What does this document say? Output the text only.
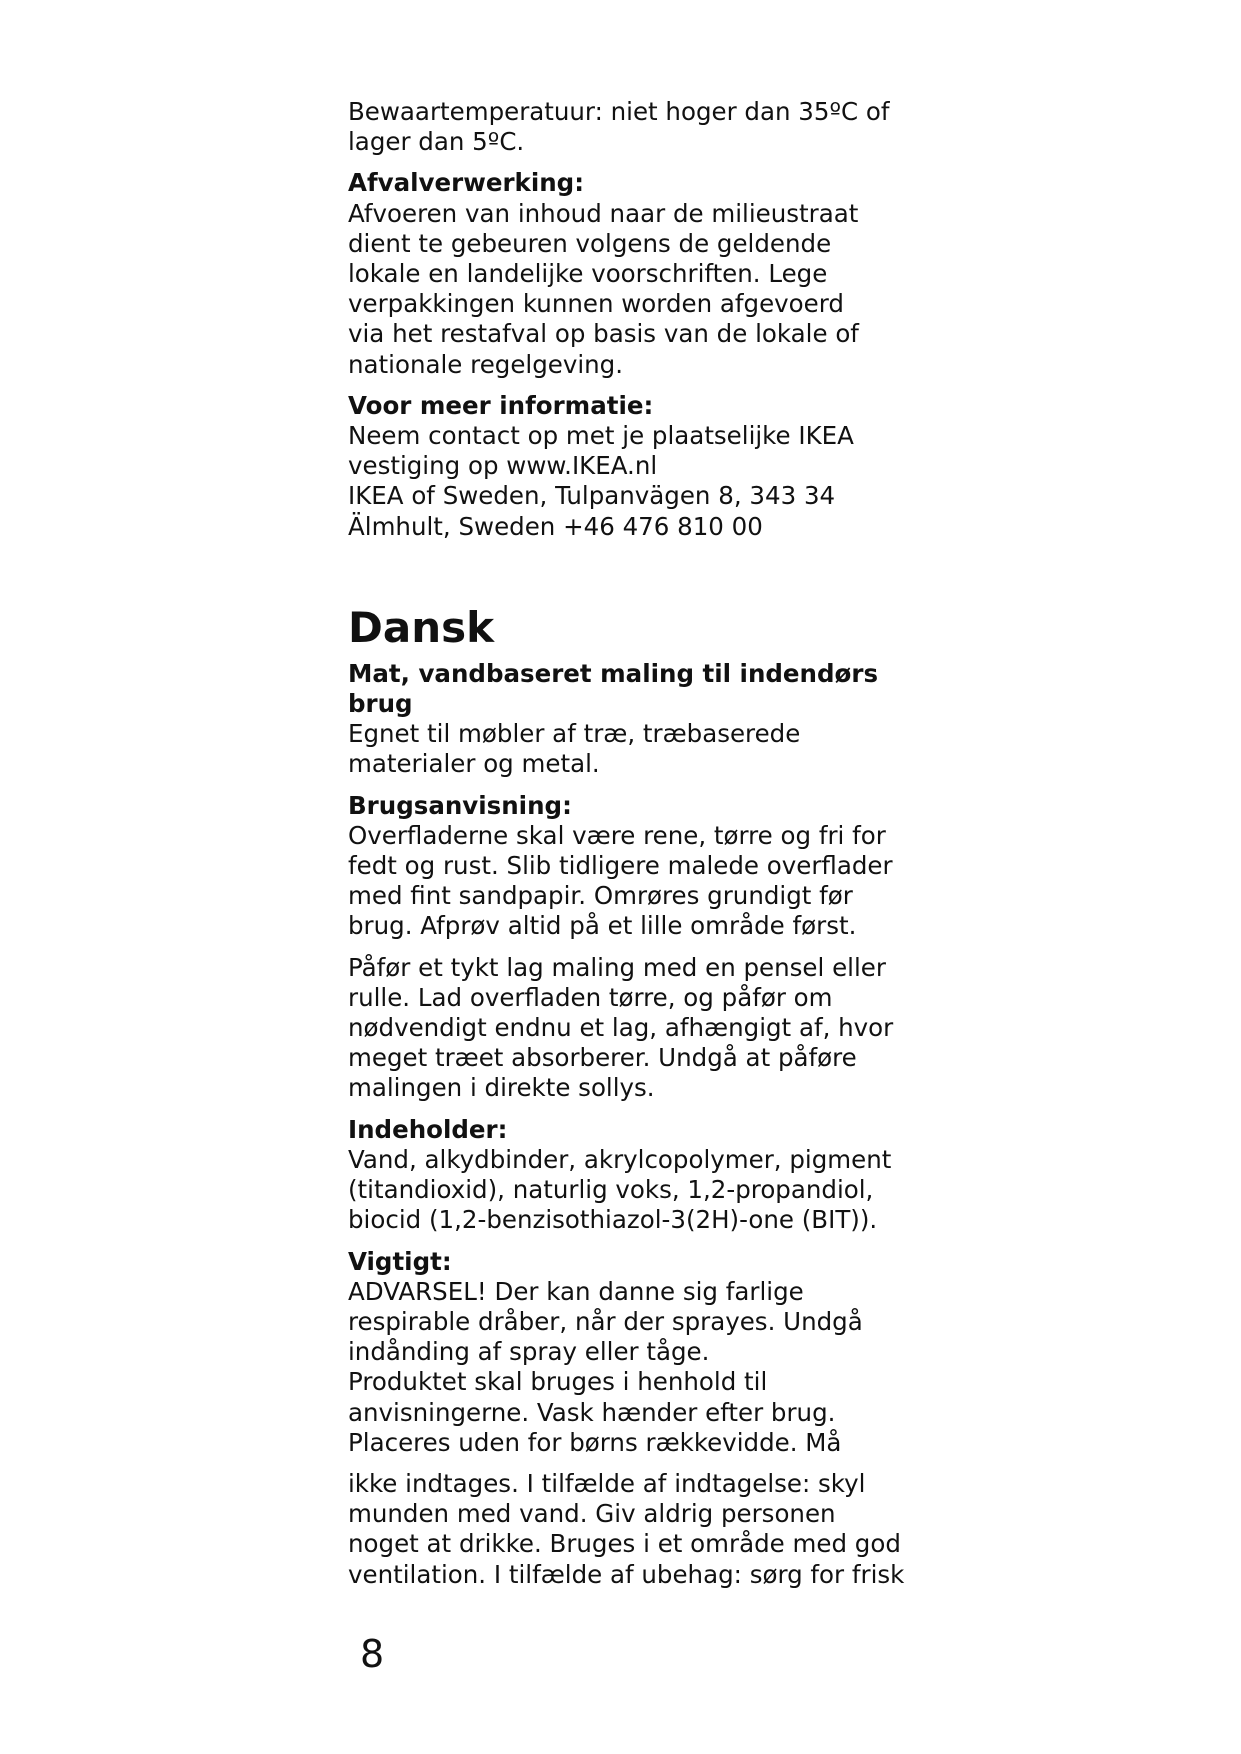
Bewaartemperatuur: niet hoger dan 35ºC of
lager dan 5ºC.

Afvalverwerking:
Afvoeren van inhoud naar de milieustraat
dient te gebeuren volgens de geldende
lokale en landelijke voorschriften. Lege
verpakkingen kunnen worden afgevoerd
via het restafval op basis van de lokale of
nationale regelgeving.

Voor meer informatie:
Neem contact op met je plaatselijke IKEA
vestiging op www.IKEA.nl
IKEA of Sweden, Tulpanvägen 8, 343 34
Älmhult, Sweden +46 476 810 00

Dansk

Mat, vandbaseret maling til indendørs
brug
Egnet til møbler af træ, træbaserede
materialer og metal.

Brugsanvisning:
Overfladerne skal være rene, tørre og fri for
fedt og rust. Slib tidligere malede overflader
med fint sandpapir. Omrøres grundigt før
brug. Afprøv altid på et lille område først.

Påfør et tykt lag maling med en pensel eller
rulle. Lad overfladen tørre, og påfør om
nødvendigt endnu et lag, afhængigt af, hvor
meget træet absorberer. Undgå at påføre
malingen i direkte sollys.

Indeholder:
Vand, alkydbinder, akrylcopolymer, pigment
(titandioxid), naturlig voks, 1,2-propandiol,
biocid (1,2-benzisothiazol-3(2H)-one (BIT)).

Vigtigt:
ADVARSEL! Der kan danne sig farlige
respirable dråber, når der sprayes. Undgå
indånding af spray eller tåge.
Produktet skal bruges i henhold til
anvisningerne. Vask hænder efter brug.
Placeres uden for børns rækkevidde. Må

ikke indtages. I tilfælde af indtagelse: skyl
munden med vand. Giv aldrig personen
noget at drikke. Bruges i et område med god
ventilation. I tilfælde af ubehag: sørg for frisk

8
